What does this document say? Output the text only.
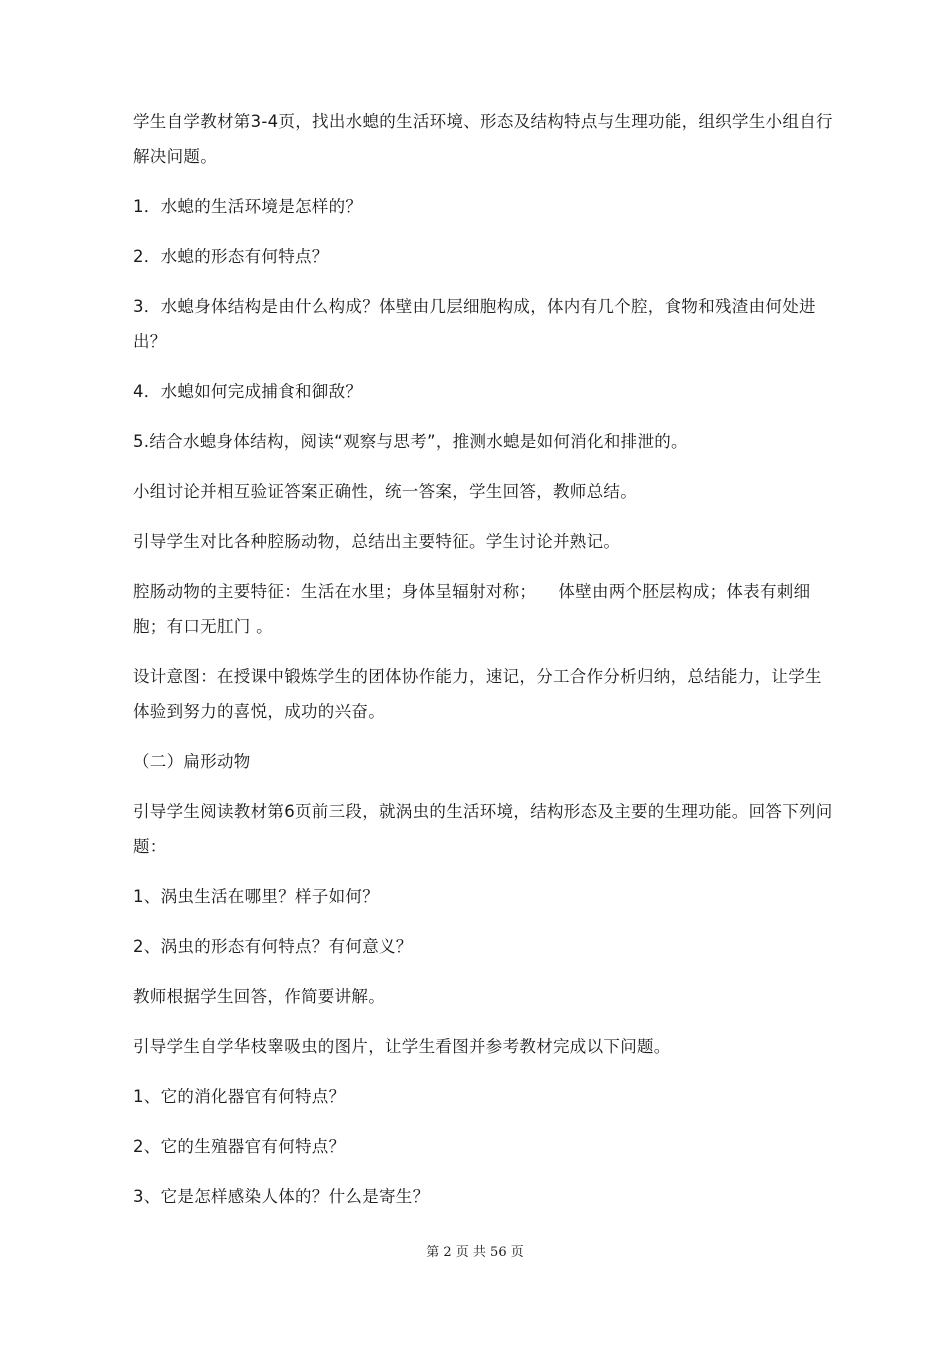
学生自学教材第3-4页，找出水螅的生活环境、形态及结构特点与生理功能，组织学生小组自行解决问题。

1．水螅的生活环境是怎样的？

2．水螅的形态有何特点？

3．水螅身体结构是由什么构成？体壁由几层细胞构成，体内有几个腔，食物和残渣由何处进出？

4．水螅如何完成捕食和御敌？

5.结合水螅身体结构，阅读“观察与思考”，推测水螅是如何消化和排泄的。

小组讨论并相互验证答案正确性，统一答案，学生回答，教师总结。

引导学生对比各种腔肠动物，总结出主要特征。学生讨论并熟记。

腔肠动物的主要特征：生活在水里；身体呈辐射对称；    体壁由两个胚层构成；体表有刺细胞；有口无肛门 。

设计意图：在授课中锻炼学生的团体协作能力，速记，分工合作分析归纳，总结能力，让学生体验到努力的喜悦，成功的兴奋。

（二）扁形动物

引导学生阅读教材第6页前三段，就涡虫的生活环境，结构形态及主要的生理功能。回答下列问题：

1、涡虫生活在哪里？样子如何？

2、涡虫的形态有何特点？有何意义？

教师根据学生回答，作简要讲解。

引导学生自学华枝睾吸虫的图片，让学生看图并参考教材完成以下问题。

1、它的消化器官有何特点？

2、它的生殖器官有何特点？

3、它是怎样感染人体的？什么是寄生？

第 2 页 共 56 页
